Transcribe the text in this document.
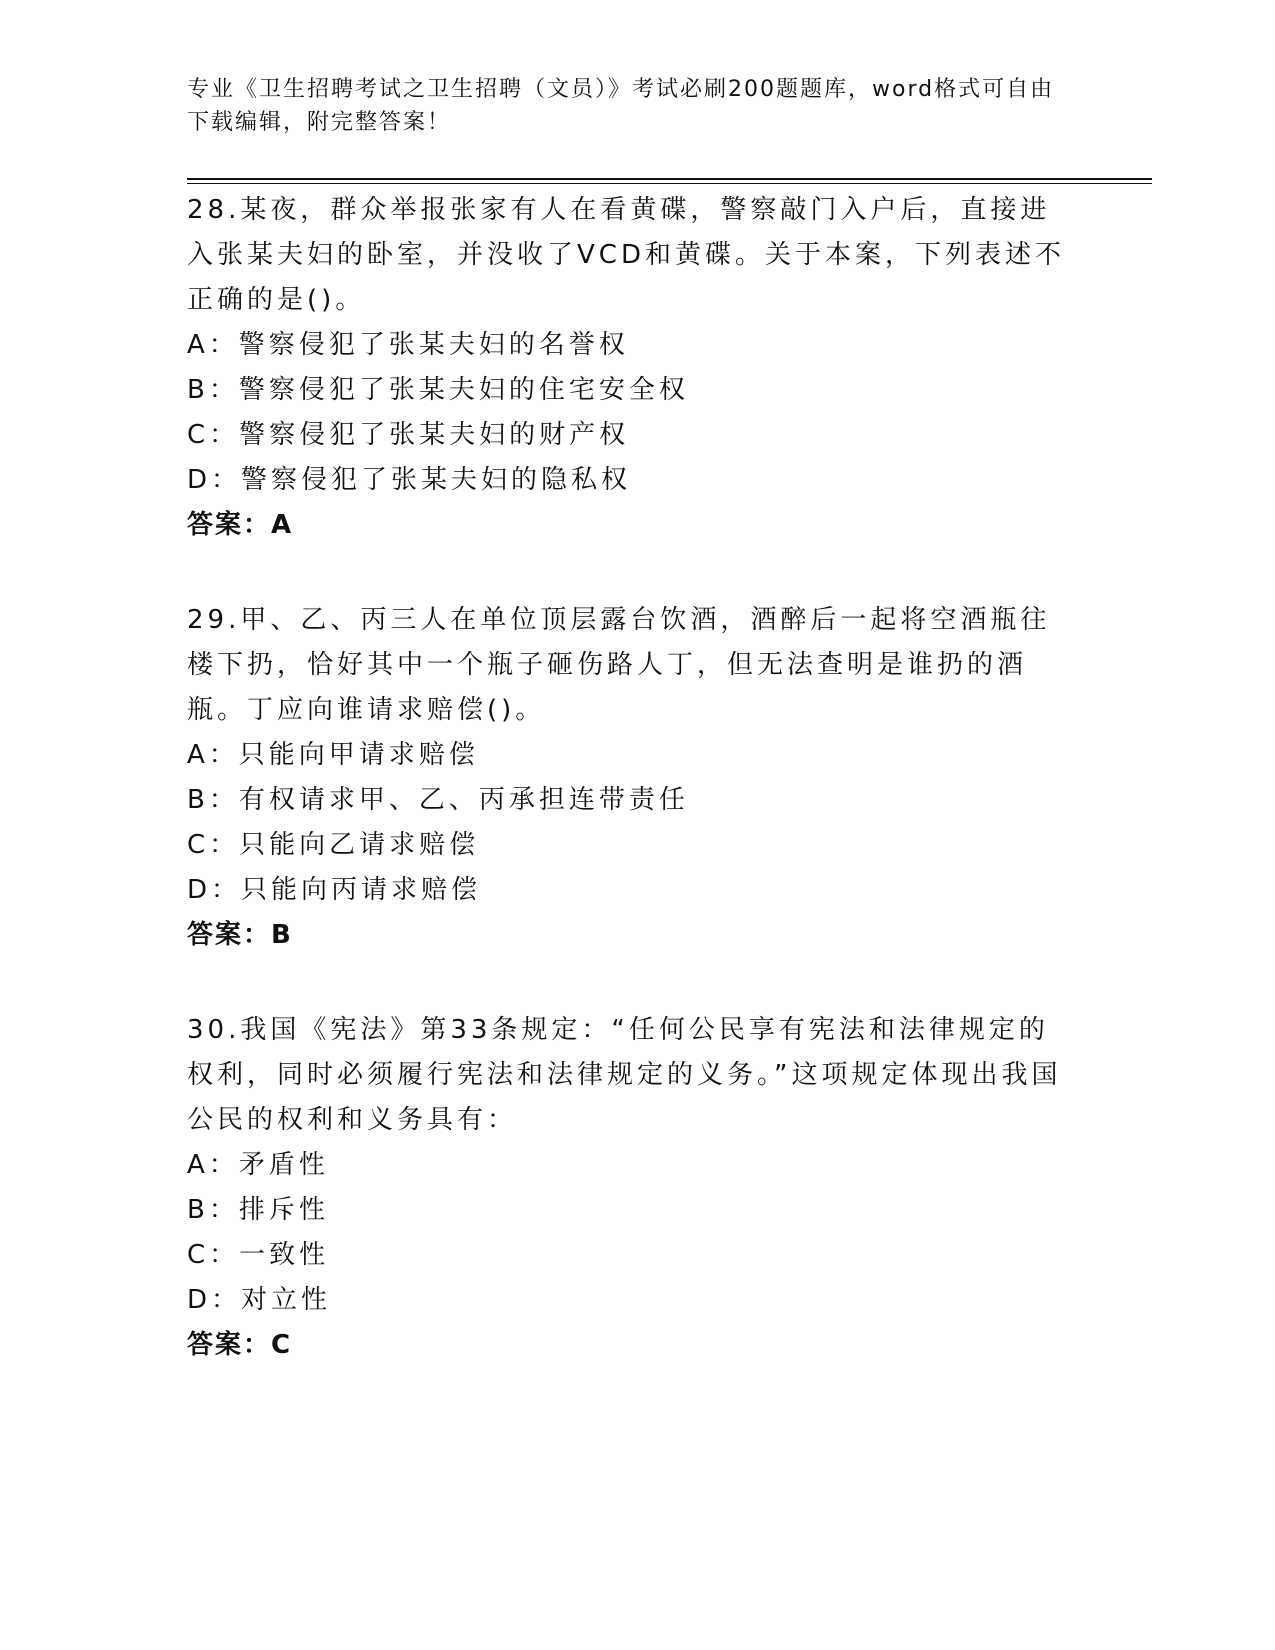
专业《卫生招聘考试之卫生招聘（文员）》考试必刷200题题库，word格式可自由下载编辑，附完整答案！
28.某夜，群众举报张家有人在看黄碟，警察敲门入户后，直接进入张某夫妇的卧室，并没收了VCD和黄碟。关于本案，下列表述不正确的是()。
A：警察侵犯了张某夫妇的名誉权
B：警察侵犯了张某夫妇的住宅安全权
C：警察侵犯了张某夫妇的财产权
D：警察侵犯了张某夫妇的隐私权
答案：A
29.甲、乙、丙三人在单位顶层露台饮酒，酒醉后一起将空酒瓶往楼下扔，恰好其中一个瓶子砸伤路人丁，但无法查明是谁扔的酒瓶。丁应向谁请求赔偿()。
A：只能向甲请求赔偿
B：有权请求甲、乙、丙承担连带责任
C：只能向乙请求赔偿
D：只能向丙请求赔偿
答案：B
30.我国《宪法》第33条规定：“任何公民享有宪法和法律规定的权利，同时必须履行宪法和法律规定的义务。”这项规定体现出我国公民的权利和义务具有：
A：矛盾性
B：排斥性
C：一致性
D：对立性
答案：C
